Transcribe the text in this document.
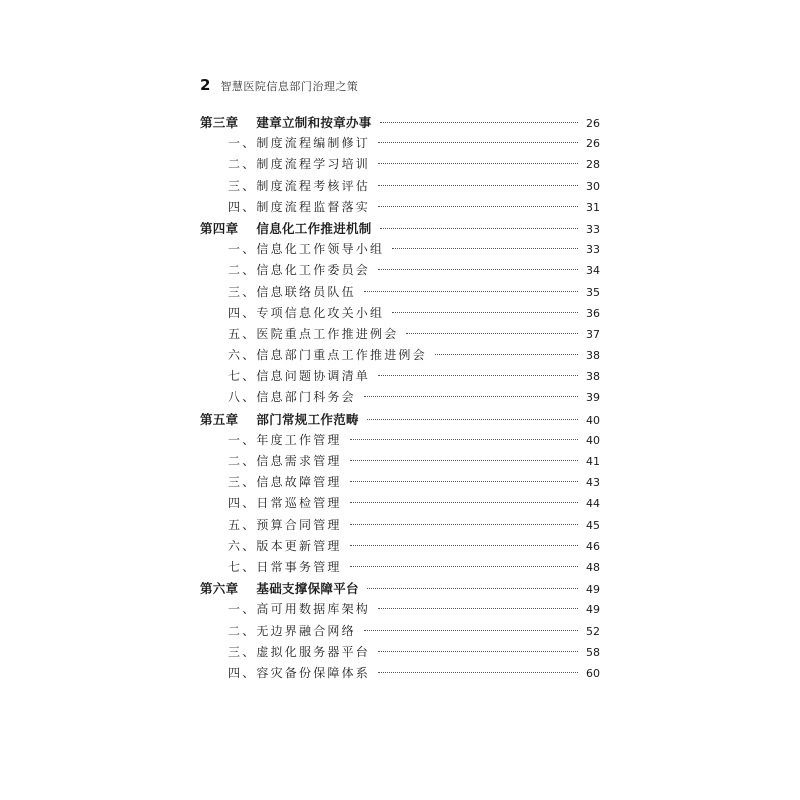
2 智慧医院信息部门治理之策
第三章 建章立制和按章办事	26
一、制度流程编制修订	26
二、制度流程学习培训	28
三、制度流程考核评估	30
四、制度流程监督落实	31
第四章 信息化工作推进机制	33
一、信息化工作领导小组	33
二、信息化工作委员会	34
三、信息联络员队伍	35
四、专项信息化攻关小组	36
五、医院重点工作推进例会	37
六、信息部门重点工作推进例会	38
七、信息问题协调清单	38
八、信息部门科务会	39
第五章 部门常规工作范畴	40
一、年度工作管理	40
二、信息需求管理	41
三、信息故障管理	43
四、日常巡检管理	44
五、预算合同管理	45
六、版本更新管理	46
七、日常事务管理	48
第六章 基础支撑保障平台	49
一、高可用数据库架构	49
二、无边界融合网络	52
三、虚拟化服务器平台	58
四、容灾备份保障体系	60
